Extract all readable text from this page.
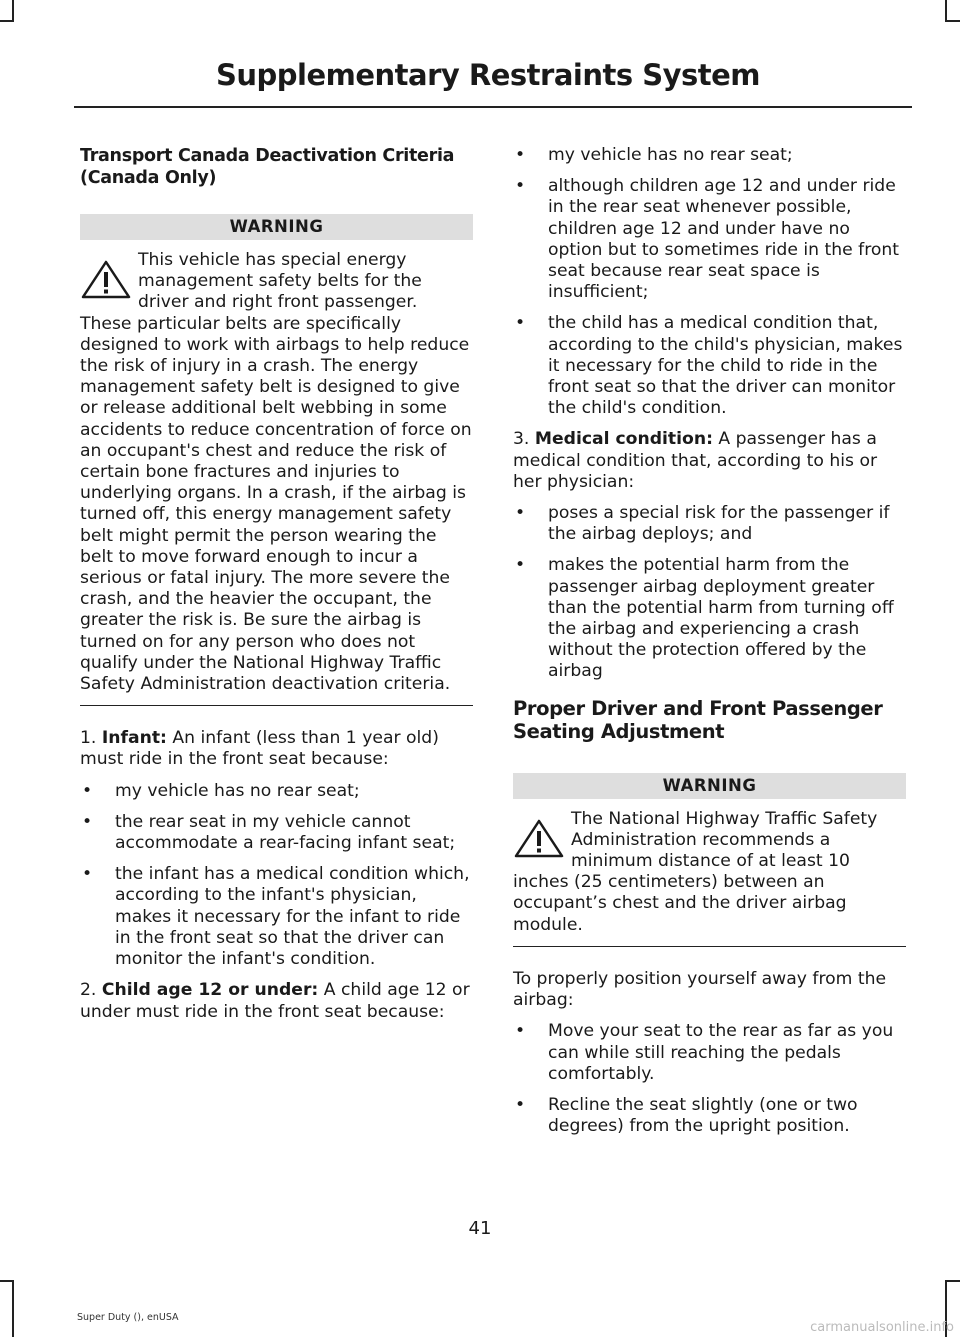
Supplementary Restraints System
Transport Canada Deactivation Criteria (Canada Only)
WARNING
This vehicle has special energy management safety belts for the driver and right front passenger. These particular belts are specifically designed to work with airbags to help reduce the risk of injury in a crash. The energy management safety belt is designed to give or release additional belt webbing in some accidents to reduce concentration of force on an occupant's chest and reduce the risk of certain bone fractures and injuries to underlying organs. In a crash, if the airbag is turned off, this energy management safety belt might permit the person wearing the belt to move forward enough to incur a serious or fatal injury. The more severe the crash, and the heavier the occupant, the greater the risk is. Be sure the airbag is turned on for any person who does not qualify under the National Highway Traffic Safety Administration deactivation criteria.

1. Infant: An infant (less than 1 year old) must ride in the front seat because:

• my vehicle has no rear seat;
• the rear seat in my vehicle cannot accommodate a rear-facing infant seat;
• the infant has a medical condition which, according to the infant's physician, makes it necessary for the infant to ride in the front seat so that the driver can monitor the infant's condition.

2. Child age 12 or under: A child age 12 or under must ride in the front seat because:

• my vehicle has no rear seat;
• although children age 12 and under ride in the rear seat whenever possible, children age 12 and under have no option but to sometimes ride in the front seat because rear seat space is insufficient;
• the child has a medical condition that, according to the child's physician, makes it necessary for the child to ride in the front seat so that the driver can monitor the child's condition.

3. Medical condition: A passenger has a medical condition that, according to his or her physician:

• poses a special risk for the passenger if the airbag deploys; and
• makes the potential harm from the passenger airbag deployment greater than the potential harm from turning off the airbag and experiencing a crash without the protection offered by the airbag
Proper Driver and Front Passenger Seating Adjustment
WARNING
The National Highway Traffic Safety Administration recommends a minimum distance of at least 10 inches (25 centimeters) between an occupant’s chest and the driver airbag module.

To properly position yourself away from the airbag:

• Move your seat to the rear as far as you can while still reaching the pedals comfortably.
• Recline the seat slightly (one or two degrees) from the upright position.
41
Super Duty (), enUSA
carmanualsonline.info
